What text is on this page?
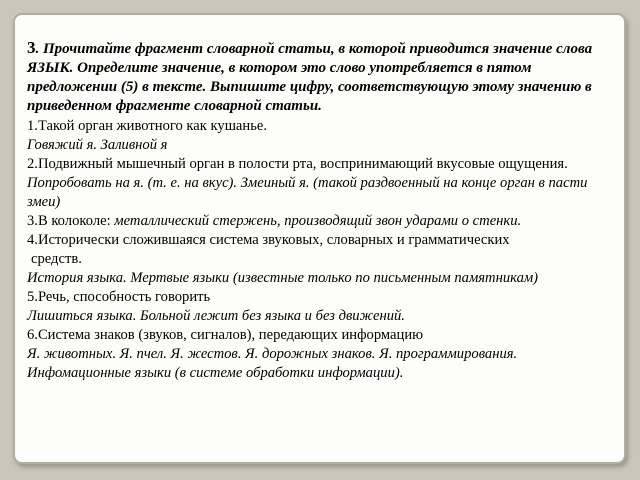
3. Прочитайте фрагмент словарной статьи, в которой приводится значение слова ЯЗЫК. Определите значение, в котором это слово употребляется в пятом предложении (5) в тексте. Выпишите цифру, соответствующую этому значению в приведенном фрагменте словарной статьи.

1.Такой орган животного как кушанье.

Говяжий я. Заливной я

2.Подвижный мышечный орган в полости рта, воспринимающий вкусовые ощущения.

Попробовать на я. (т. е. на вкус). Змеиный я. (такой раздвоенный на конце орган в пасти змеи)

3.В колоколе: металлический стержень, производящий звон ударами о стенки.

4.Исторически сложившаяся система звуковых, словарных и грамматических

средств.

История языка. Мертвые языки (известные только по письменным памятникам)

5.Речь, способность говорить

Лишиться языка. Больной лежит без языка и без движений.

6.Система знаков (звуков, сигналов), передающих информацию

Я. животных. Я. пчел. Я. жестов. Я. дорожных знаков. Я. программирования. Инфомационные языки (в системе обработки информации).
